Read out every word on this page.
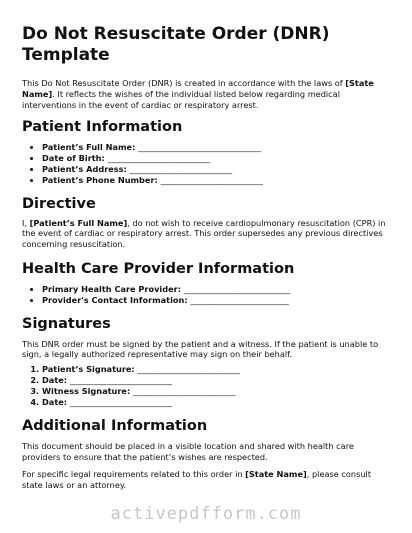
Do Not Resuscitate Order (DNR) Template

This Do Not Resuscitate Order (DNR) is created in accordance with the laws of [State Name]. It reflects the wishes of the individual listed below regarding medical interventions in the event of cardiac or respiratory arrest.

Patient Information
• Patient’s Full Name: ______________________________
• Date of Birth: _________________________
• Patient’s Address: _________________________
• Patient’s Phone Number: _________________________
Directive

I, [Patient’s Full Name], do not wish to receive cardiopulmonary resuscitation (CPR) in the event of cardiac or respiratory arrest. This order supersedes any previous directives concerning resuscitation.

Health Care Provider Information
• Primary Health Care Provider: __________________________
• Provider's Contact Information: ________________________
Signatures

This DNR order must be signed by the patient and a witness. If the patient is unable to sign, a legally authorized representative may sign on their behalf.

1. Patient’s Signature: _________________________
2. Date: _________________________
3. Witness Signature: _________________________
4. Date: _________________________
Additional Information

This document should be placed in a visible location and shared with health care providers to ensure that the patient’s wishes are respected.

For specific legal requirements related to this order in [State Name], please consult state laws or an attorney.

activepdfform.com
